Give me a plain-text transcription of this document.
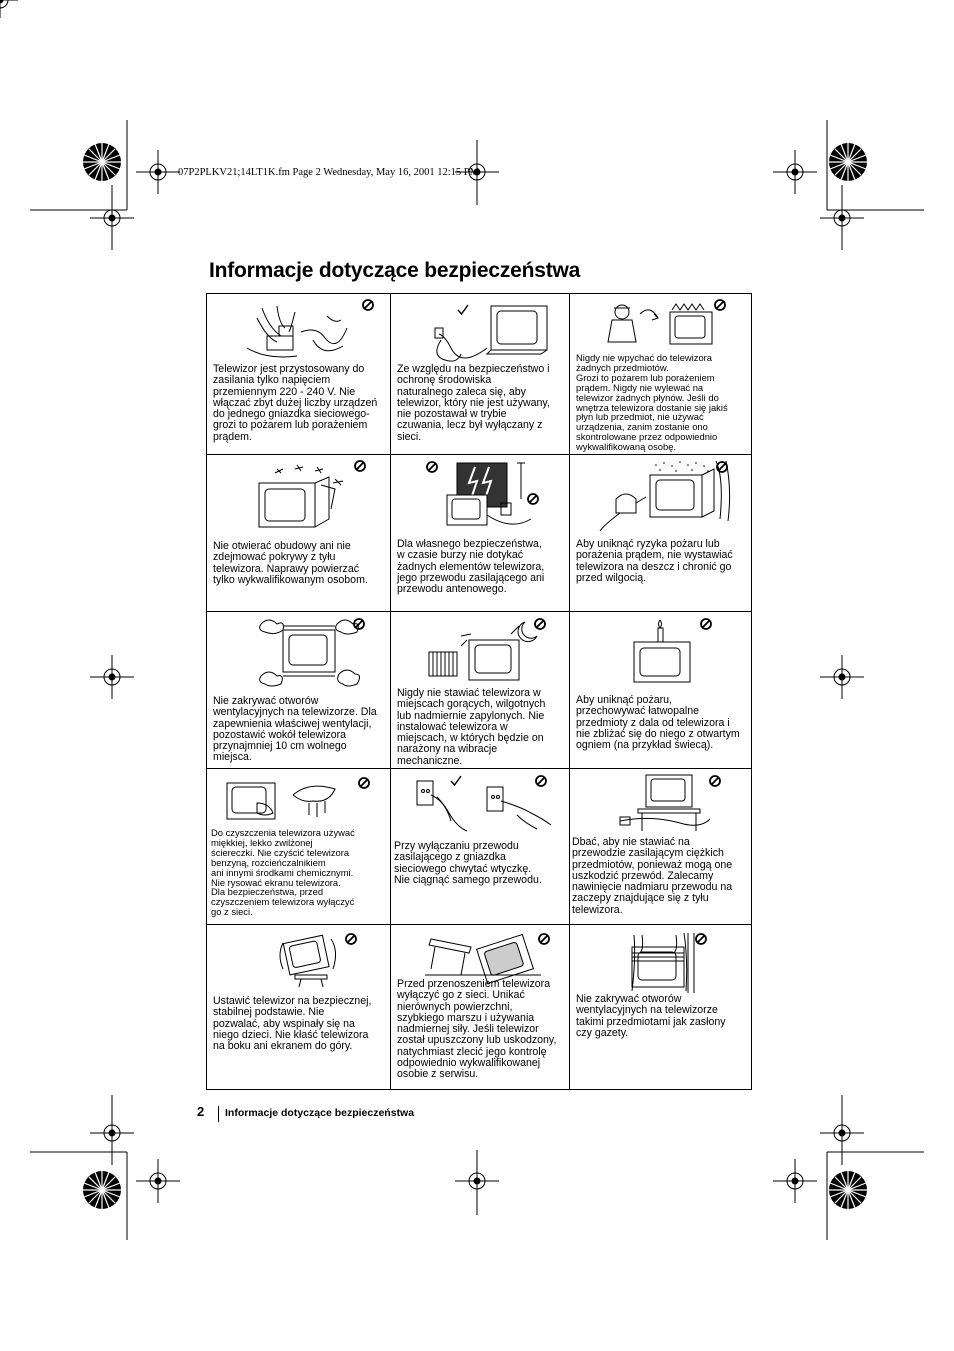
07P2PLKV21;14LT1K.fm Page 2 Wednesday, May 16, 2001 12:15 PM
Informacje dotyczące bezpieczeństwa
Telewizor jest przystosowany do
zasilania tylko napięciem
przemiennym 220 - 240 V. Nie
włączać zbyt dużej liczby urządzeń
do jednego gniazdka sieciowego-
grozi to pożarem lub porażeniem
prądem.
Ze względu na bezpieczeństwo i
ochronę środowiska
naturalnego zaleca się, aby
telewizor, który nie jest używany,
nie pozostawał w trybie
czuwania, lecz był wyłączany z
sieci.
Nigdy nie wpychać do telewizora
żadnych przedmiotów.
Grozi to pożarem lub porażeniem
prądem. Nigdy nie wylewać na
telewizor żadnych płynów. Jeśli do
wnętrza telewizora dostanie się jakiś
płyn lub przedmiot, nie używać
urządzenia, zanim zostanie ono
skontrolowane przez odpowiednio
wykwalifikowaną osobę.
Nie otwierać obudowy ani nie
zdejmować pokrywy z tyłu
telewizora. Naprawy powierzać
tylko wykwalifikowanym osobom.
Dla własnego bezpieczeństwa,
w czasie burzy nie dotykać
żadnych elementów telewizora,
jego przewodu zasilającego ani
przewodu antenowego.
Aby uniknąć ryzyka pożaru lub
porażenia prądem, nie wystawiać
telewizora na deszcz i chronić go
przed wilgocią.
Nie zakrywać otworów
wentylacyjnych na telewizorze. Dla
zapewnienia właściwej wentylacji,
pozostawić wokół telewizora
przynajmniej 10 cm wolnego
miejsca.
Nigdy nie stawiać telewizora w
miejscach gorących, wilgotnych
lub nadmiernie zapylonych. Nie
instalować telewizora w
miejscach, w których będzie on
narażony na wibracje
mechaniczne.
Aby uniknąć pożaru,
przechowywać łatwopalne
przedmioty z dala od telewizora i
nie zbliżać się do niego z otwartym
ogniem (na przykład świecą).
Do czyszczenia telewizora używać
miękkiej, lekko zwilżonej
ściereczki. Nie czyścić telewizora
benzyną, rozcieńczalnikiem
ani innymi środkami chemicznymi.
Nie rysować ekranu telewizora.
Dla bezpieczeństwa, przed
czyszczeniem telewizora wyłączyć
go z sieci.
Przy wyłączaniu przewodu
zasilającego z gniazdka
sieciowego chwytać wtyczkę.
Nie ciągnąć samego przewodu.
Dbać, aby nie stawiać na
przewodzie zasilającym ciężkich
przedmiotów, ponieważ mogą one
uszkodzić przewód. Zalecamy
nawinięcie nadmiaru przewodu na
zaczepy znajdujące się z tyłu
telewizora.
Ustawić telewizor na bezpiecznej,
stabilnej podstawie. Nie
pozwalać, aby wspinały się na
niego dzieci. Nie kłaść telewizora
na boku ani ekranem do góry.
Przed przenoszeniem telewizora
wyłączyć go z sieci. Unikać
nierównych powierzchni,
szybkiego marszu i używania
nadmiernej siły. Jeśli telewizor
został upuszczony lub uskodzony,
natychmiast zlecić jego kontrolę
odpowiednio wykwalifikowanej
osobie z serwisu.
Nie zakrywać otworów
wentylacyjnych na telewizorze
takimi przedmiotami jak zasłony
czy gazety.
2 Informacje dotyczące bezpieczeństwa
